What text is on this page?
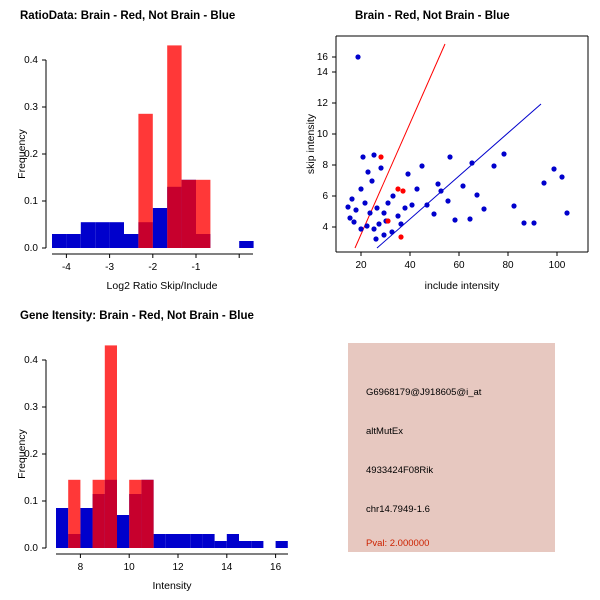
RatioData: Brain - Red, Not Brain - Blue
0.0
0.1
0.2
0.3
0.4
-4	-3	-2	-1
Log2 Ratio Skip/Include
Frequency
Brain - Red, Not Brain - Blue
4
6
8
10
12
14
16
20	40	60	80	100
include intensity
skip intensity
Gene Itensity: Brain - Red, Not Brain - Blue
0.0
0.1
0.2
0.3
0.4
8	10	12	14	16
Intensity
Frequency
G6968179@J918605@i_at
altMutEx
4933424F08Rik
chr14.7949-1.6
Pval: 2.000000
